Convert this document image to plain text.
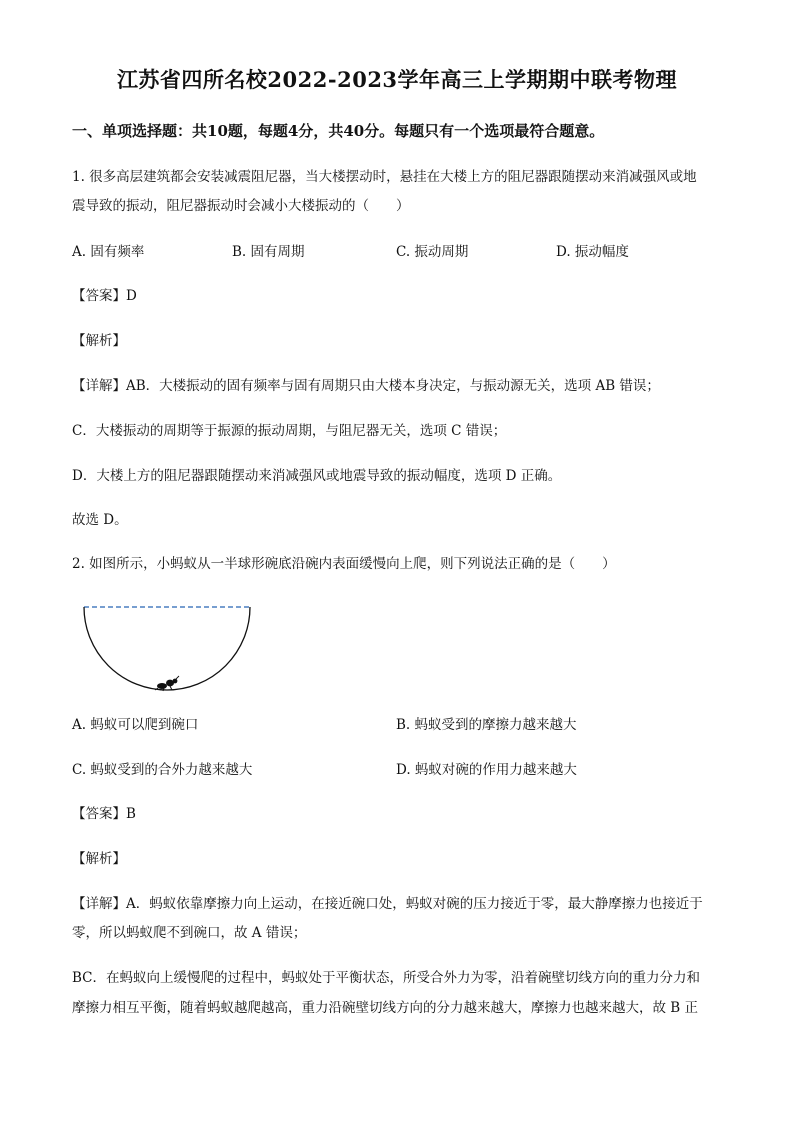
江苏省四所名校2022-2023学年高三上学期期中联考物理
一、单项选择题：共10题，每题4分，共40分。每题只有一个选项最符合题意。
1. 很多高层建筑都会安装减震阻尼器，当大楼摆动时，悬挂在大楼上方的阻尼器跟随摆动来消减强风或地
震导致的振动，阻尼器振动时会减小大楼振动的（　　）
A. 固有频率	B. 固有周期	C. 振动周期	D. 振动幅度
【答案】D
【解析】
【详解】AB．大楼振动的固有频率与固有周期只由大楼本身决定，与振动源无关，选项 AB 错误；
C．大楼振动的周期等于振源的振动周期，与阻尼器无关，选项 C 错误；
D．大楼上方的阻尼器跟随摆动来消减强风或地震导致的振动幅度，选项 D 正确。
故选 D。
2. 如图所示，小蚂蚁从一半球形碗底沿碗内表面缓慢向上爬，则下列说法正确的是（　　）
A. 蚂蚁可以爬到碗口	B. 蚂蚁受到的摩擦力越来越大
C. 蚂蚁受到的合外力越来越大	D. 蚂蚁对碗的作用力越来越大
【答案】B
【解析】
【详解】A．蚂蚁依靠摩擦力向上运动，在接近碗口处，蚂蚁对碗的压力接近于零，最大静摩擦力也接近于
零，所以蚂蚁爬不到碗口，故 A 错误；
BC．在蚂蚁向上缓慢爬的过程中，蚂蚁处于平衡状态，所受合外力为零，沿着碗壁切线方向的重力分力和
摩擦力相互平衡，随着蚂蚁越爬越高，重力沿碗壁切线方向的分力越来越大，摩擦力也越来越大，故 B 正
